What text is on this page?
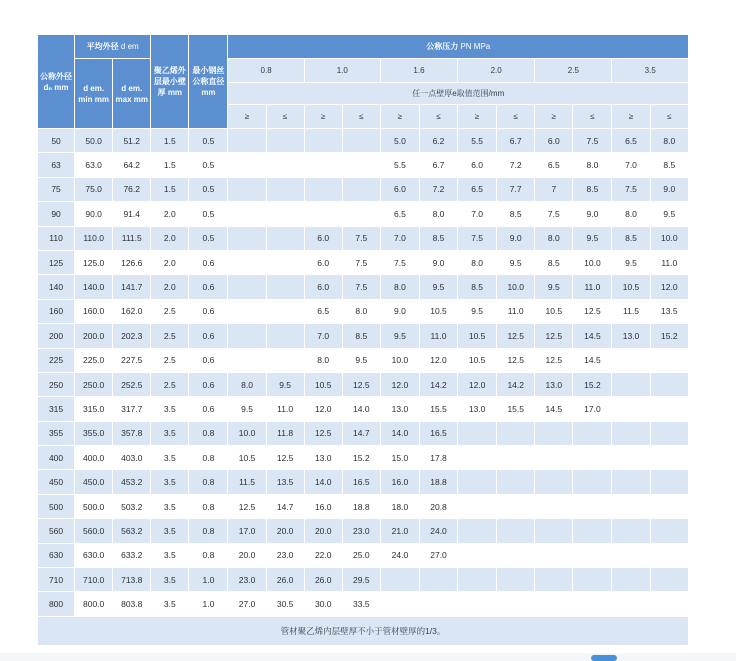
公称外径 dₙ mm	平均外径 d em		聚乙烯外层最小壁厚 mm	最小钢丝公称直径 mm	公称压力 PN MPa											
	d em. min mm	d em. max mm			0.8		1.0		1.6		2.0		2.5		3.5	
					任一点壁厚e取值范围/mm											
					≥	≤	≥	≤	≥	≤	≥	≤	≥	≤	≥	≤
50	50.0	51.2	1.5	0.5					5.0	6.2	5.5	6.7	6.0	7.5	6.5	8.0
63	63.0	64.2	1.5	0.5					5.5	6.7	6.0	7.2	6.5	8.0	7.0	8.5
75	75.0	76.2	1.5	0.5					6.0	7.2	6.5	7.7	7	8.5	7.5	9.0
90	90.0	91.4	2.0	0.5					6.5	8.0	7.0	8.5	7.5	9.0	8.0	9.5
110	110.0	111.5	2.0	0.5			6.0	7.5	7.0	8.5	7.5	9.0	8.0	9.5	8.5	10.0
125	125.0	126.6	2.0	0.6			6.0	7.5	7.5	9.0	8.0	9.5	8.5	10.0	9.5	11.0
140	140.0	141.7	2.0	0.6			6.0	7.5	8.0	9.5	8.5	10.0	9.5	11.0	10.5	12.0
160	160.0	162.0	2.5	0.6			6.5	8.0	9.0	10.5	9.5	11.0	10.5	12.5	11.5	13.5
200	200.0	202.3	2.5	0.6			7.0	8.5	9.5	11.0	10.5	12.5	12.5	14.5	13.0	15.2
225	225.0	227.5	2.5	0.6			8.0	9.5	10.0	12.0	10.5	12.5	12.5	14.5		
250	250.0	252.5	2.5	0.6	8.0	9.5	10.5	12.5	12.0	14.2	12.0	14.2	13.0	15.2		
315	315.0	317.7	3.5	0.6	9.5	11.0	12.0	14.0	13.0	15.5	13.0	15.5	14.5	17.0		
355	355.0	357.8	3.5	0.8	10.0	11.8	12.5	14.7	14.0	16.5						
400	400.0	403.0	3.5	0.8	10.5	12.5	13.0	15.2	15.0	17.8						
450	450.0	453.2	3.5	0.8	11.5	13.5	14.0	16.5	16.0	18.8						
500	500.0	503.2	3.5	0.8	12.5	14.7	16.0	18.8	18.0	20.8						
560	560.0	563.2	3.5	0.8	17.0	20.0	20.0	23.0	21.0	24.0						
630	630.0	633.2	3.5	0.8	20.0	23.0	22.0	25.0	24.0	27.0						
710	710.0	713.8	3.5	1.0	23.0	26.0	26.0	29.5								
800	800.0	803.8	3.5	1.0	27.0	30.5	30.0	33.5								
管材聚乙烯内层壁厚不小于管材壁厚的1/3。																
